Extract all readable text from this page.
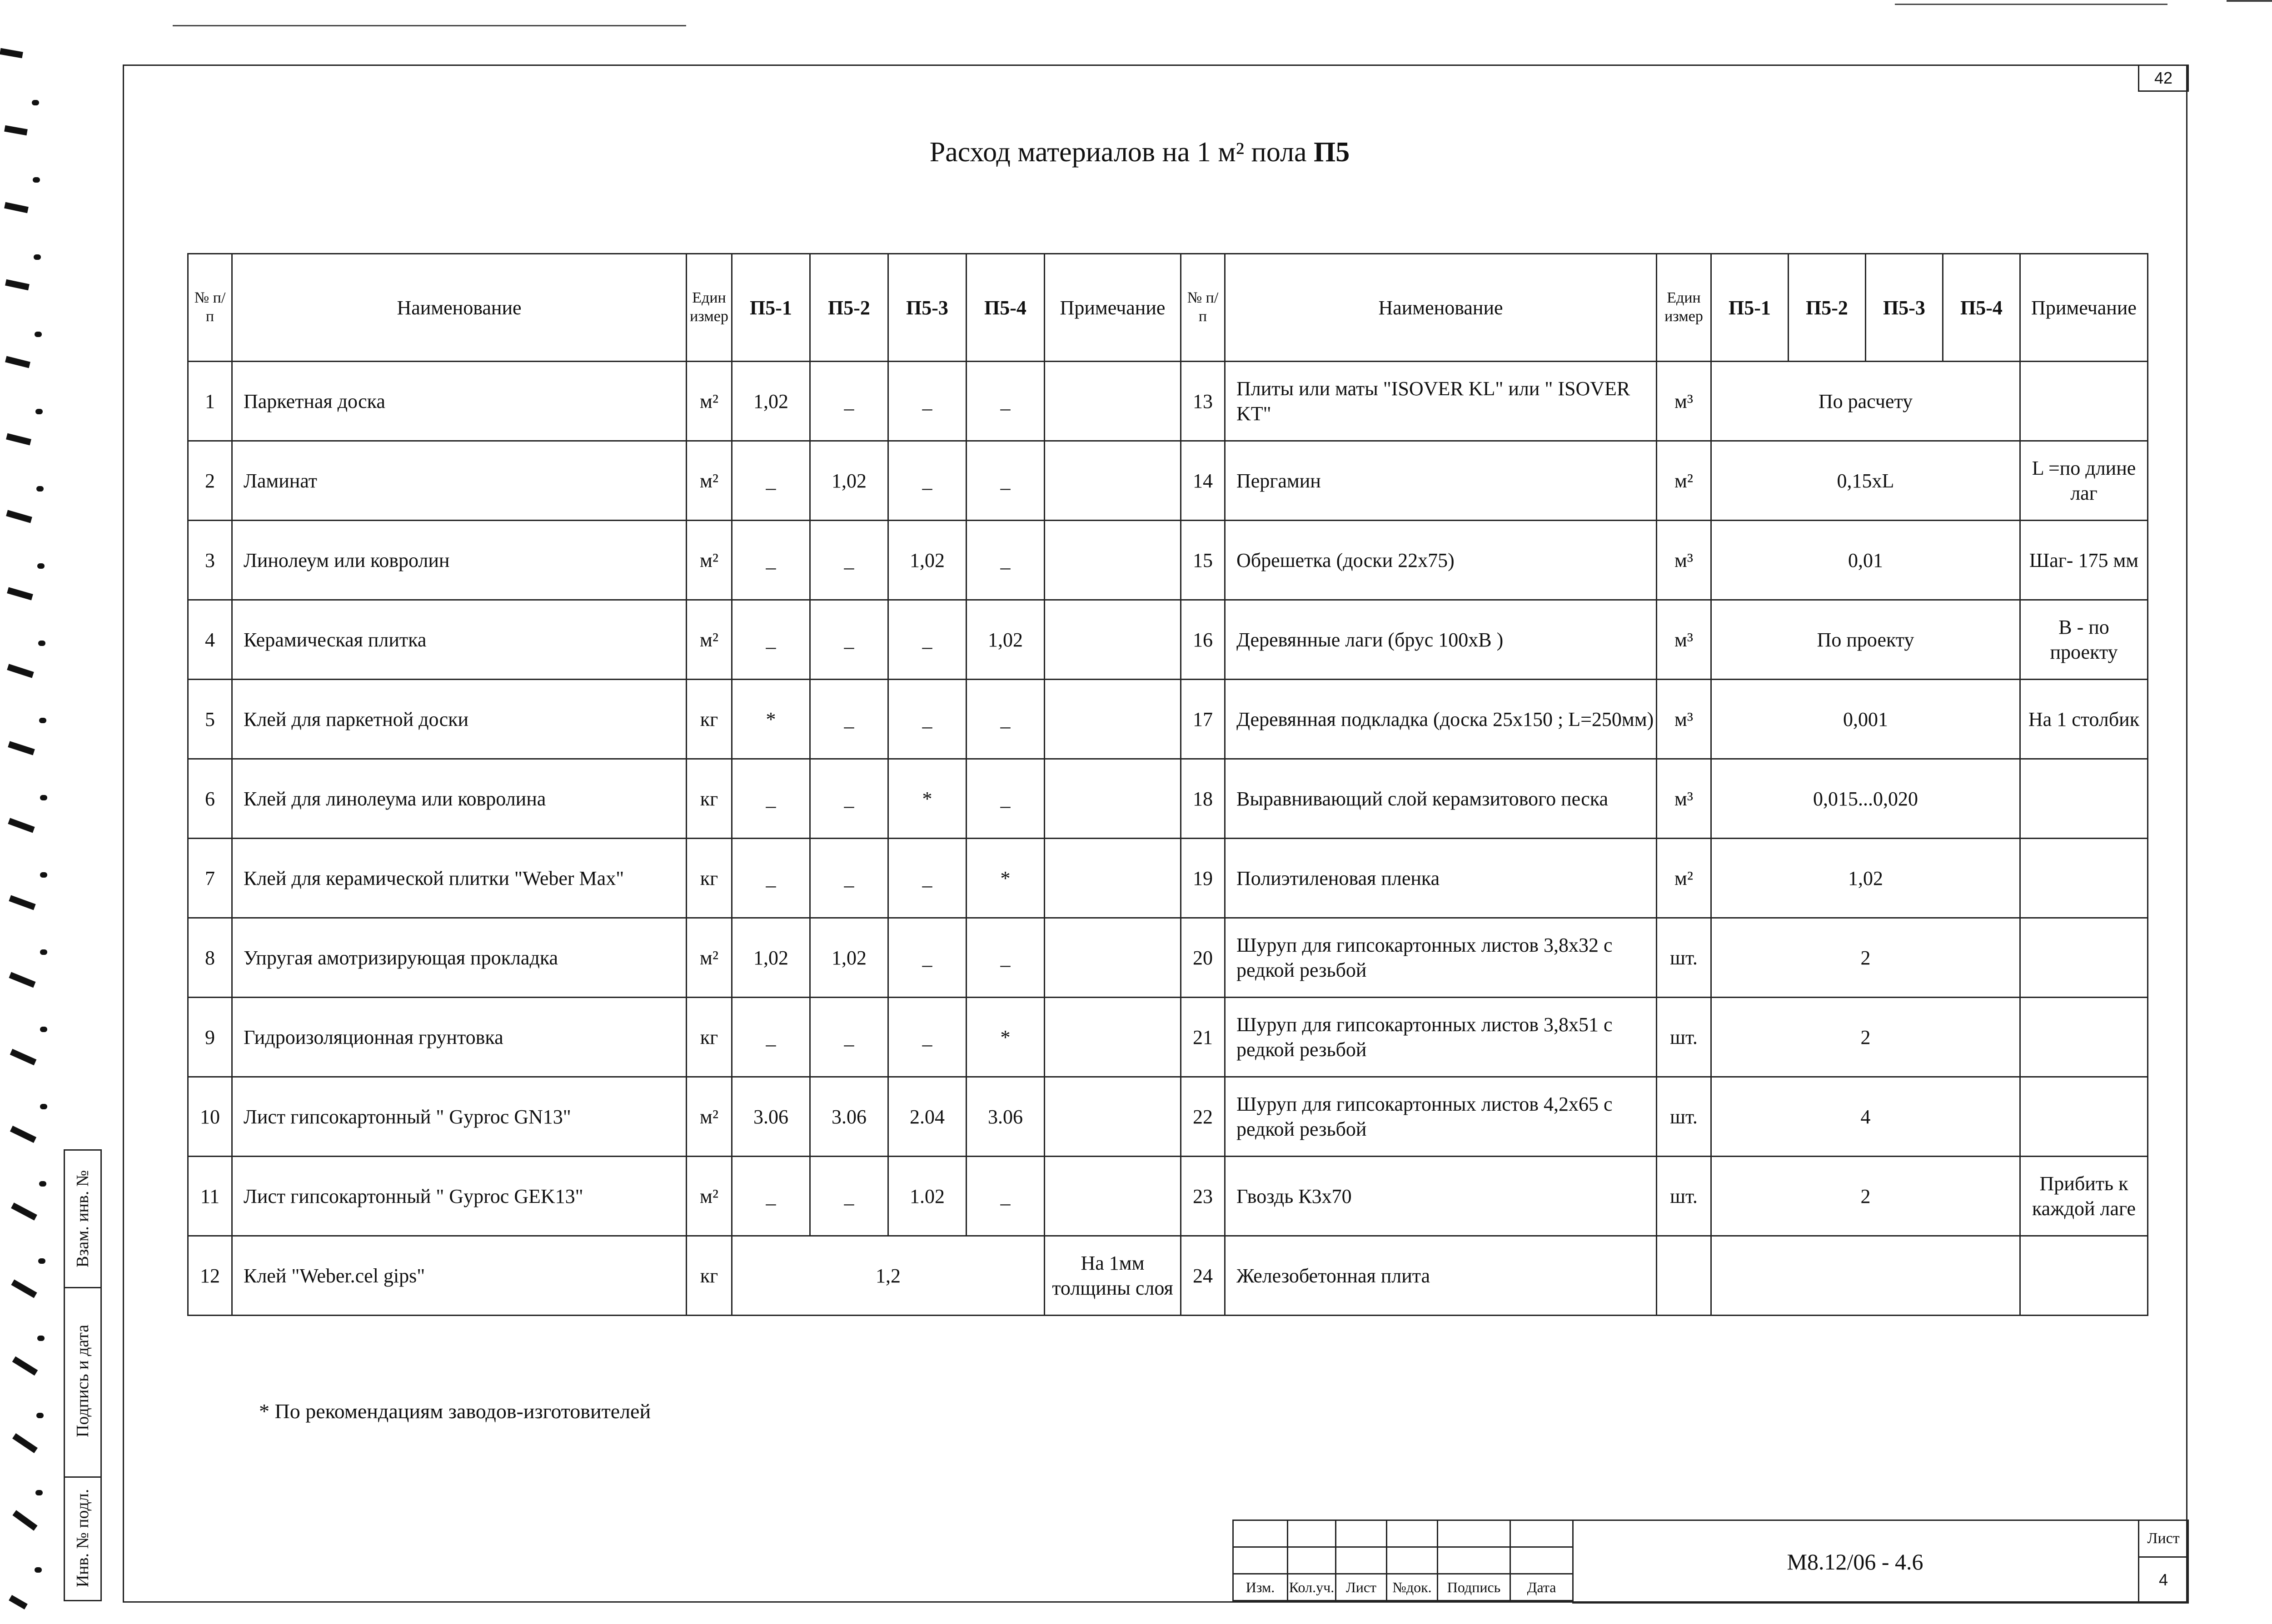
42
Расход материалов на 1 м² пола П5
№ п/п	Наименование	Един измер	П5-1	П5-2	П5-3	П5-4	Примечание	№ п/п	Наименование	Един измер	П5-1	П5-2	П5-3	П5-4	Примечание
1	Паркетная доска	м²	1,02	_	_	_		13	Плиты или маты "ISOVER KL" или " ISOVER KT"	м³	По расчету				
2	Ламинат	м²	_	1,02	_	_		14	Пергамин	м²	0,15xL				L =по длине лаг
3	Линолеум или ковролин	м²	_	_	1,02	_		15	Обрешетка (доски 22x75)	м³	0,01				Шаг- 175 мм
4	Керамическая плитка	м²	_	_	_	1,02		16	Деревянные лаги (брус 100xB )	м³	По проекту				B - по проекту
5	Клей для паркетной доски	кг	*	_	_	_		17	Деревянная подкладка (доска 25x150 ; L=250мм)	м³	0,001				На 1 столбик
6	Клей для линолеума или ковролина	кг	_	_	*	_		18	Выравнивающий слой керамзитового песка	м³	0,015...0,020				
7	Клей для керамической плитки "Weber Max"	кг	_	_	_	*		19	Полиэтиленовая пленка	м²	1,02				
8	Упругая амотризирующая прокладка	м²	1,02	1,02	_	_		20	Шуруп для гипсокартонных листов 3,8x32 с редкой резьбой	шт.	2				
9	Гидроизоляционная грунтовка	кг	_	_	_	*		21	Шуруп для гипсокартонных листов 3,8x51 с редкой резьбой	шт.	2				
10	Лист гипсокартонный " Gyproc GN13"	м²	3.06	3.06	2.04	3.06		22	Шуруп для гипсокартонных листов 4,2x65 с редкой резьбой	шт.	4				
11	Лист гипсокартонный " Gyproc GEK13"	м²	_	_	1.02	_		23	Гвоздь К3x70	шт.	2				Прибить к каждой лаге
12	Клей "Weber.cel gips"	кг	1,2				На 1мм толщины слоя	24	Железобетонная плита						
* По рекомендациям заводов-изготовителей
Взам. инв. №
Подпись и дата
Инв. № подл.

						Изм.	Кол.уч.	Лист	№док.	Подпись	Дата
М8.12/06 - 4.6
Лист
4
